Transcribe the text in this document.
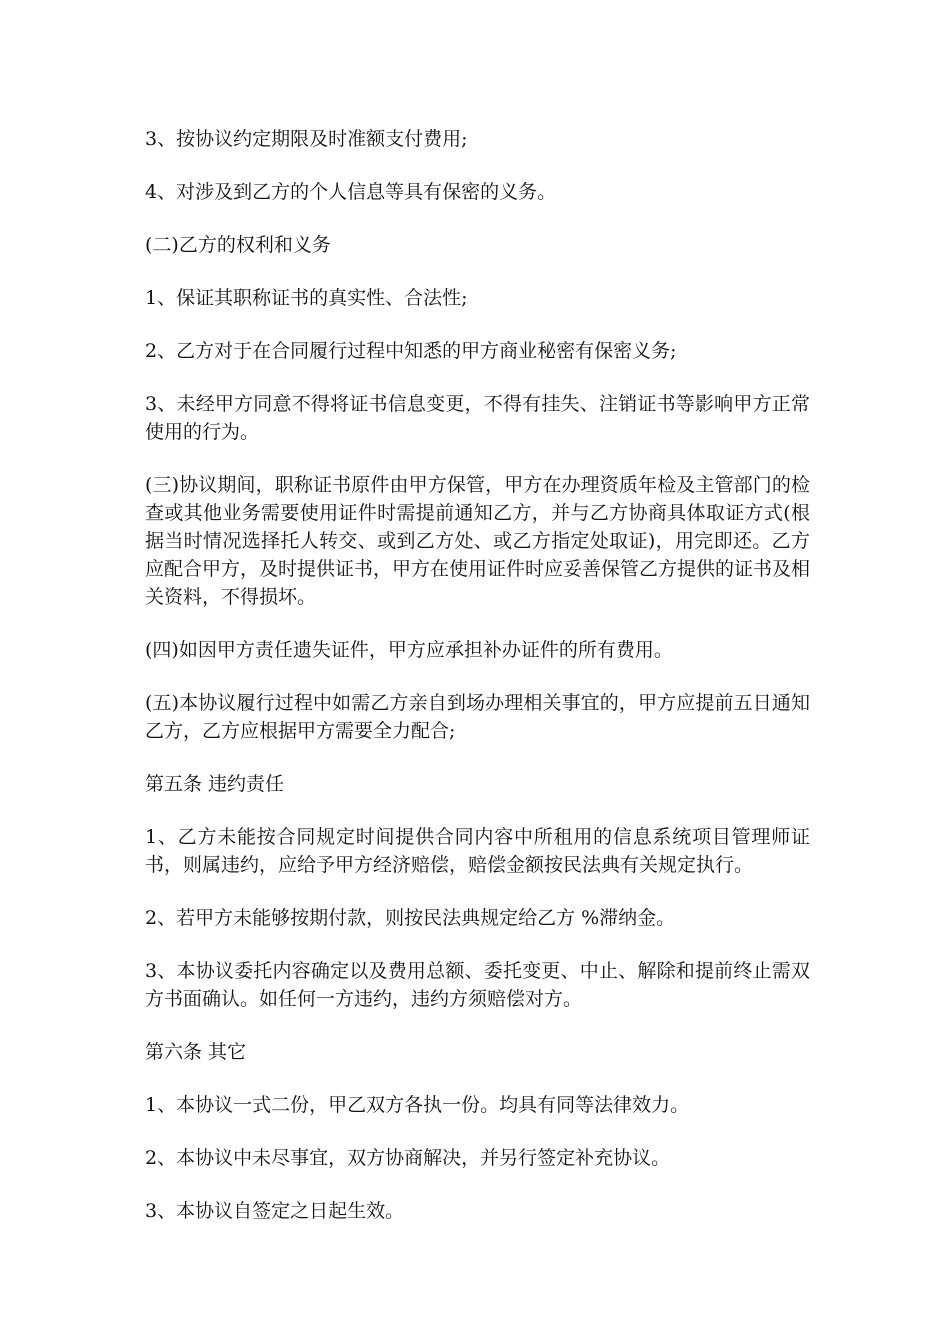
3、按协议约定期限及时准额支付费用;

4、对涉及到乙方的个人信息等具有保密的义务。

(二)乙方的权利和义务

1、保证其职称证书的真实性、合法性;

2、乙方对于在合同履行过程中知悉的甲方商业秘密有保密义务;

3、未经甲方同意不得将证书信息变更，不得有挂失、注销证书等影响甲方正常使用的行为。

(三)协议期间，职称证书原件由甲方保管，甲方在办理资质年检及主管部门的检查或其他业务需要使用证件时需提前通知乙方，并与乙方协商具体取证方式(根据当时情况选择托人转交、或到乙方处、或乙方指定处取证)，用完即还。乙方应配合甲方，及时提供证书，甲方在使用证件时应妥善保管乙方提供的证书及相关资料，不得损坏。

(四)如因甲方责任遗失证件，甲方应承担补办证件的所有费用。

(五)本协议履行过程中如需乙方亲自到场办理相关事宜的，甲方应提前五日通知乙方，乙方应根据甲方需要全力配合;

第五条 违约责任

1、乙方未能按合同规定时间提供合同内容中所租用的信息系统项目管理师证书，则属违约，应给予甲方经济赔偿，赔偿金额按民法典有关规定执行。

2、若甲方未能够按期付款，则按民法典规定给乙方 %滞纳金。

3、本协议委托内容确定以及费用总额、委托变更、中止、解除和提前终止需双方书面确认。如任何一方违约，违约方须赔偿对方。

第六条 其它

1、本协议一式二份，甲乙双方各执一份。均具有同等法律效力。

2、本协议中未尽事宜，双方协商解决，并另行签定补充协议。

3、本协议自签定之日起生效。
